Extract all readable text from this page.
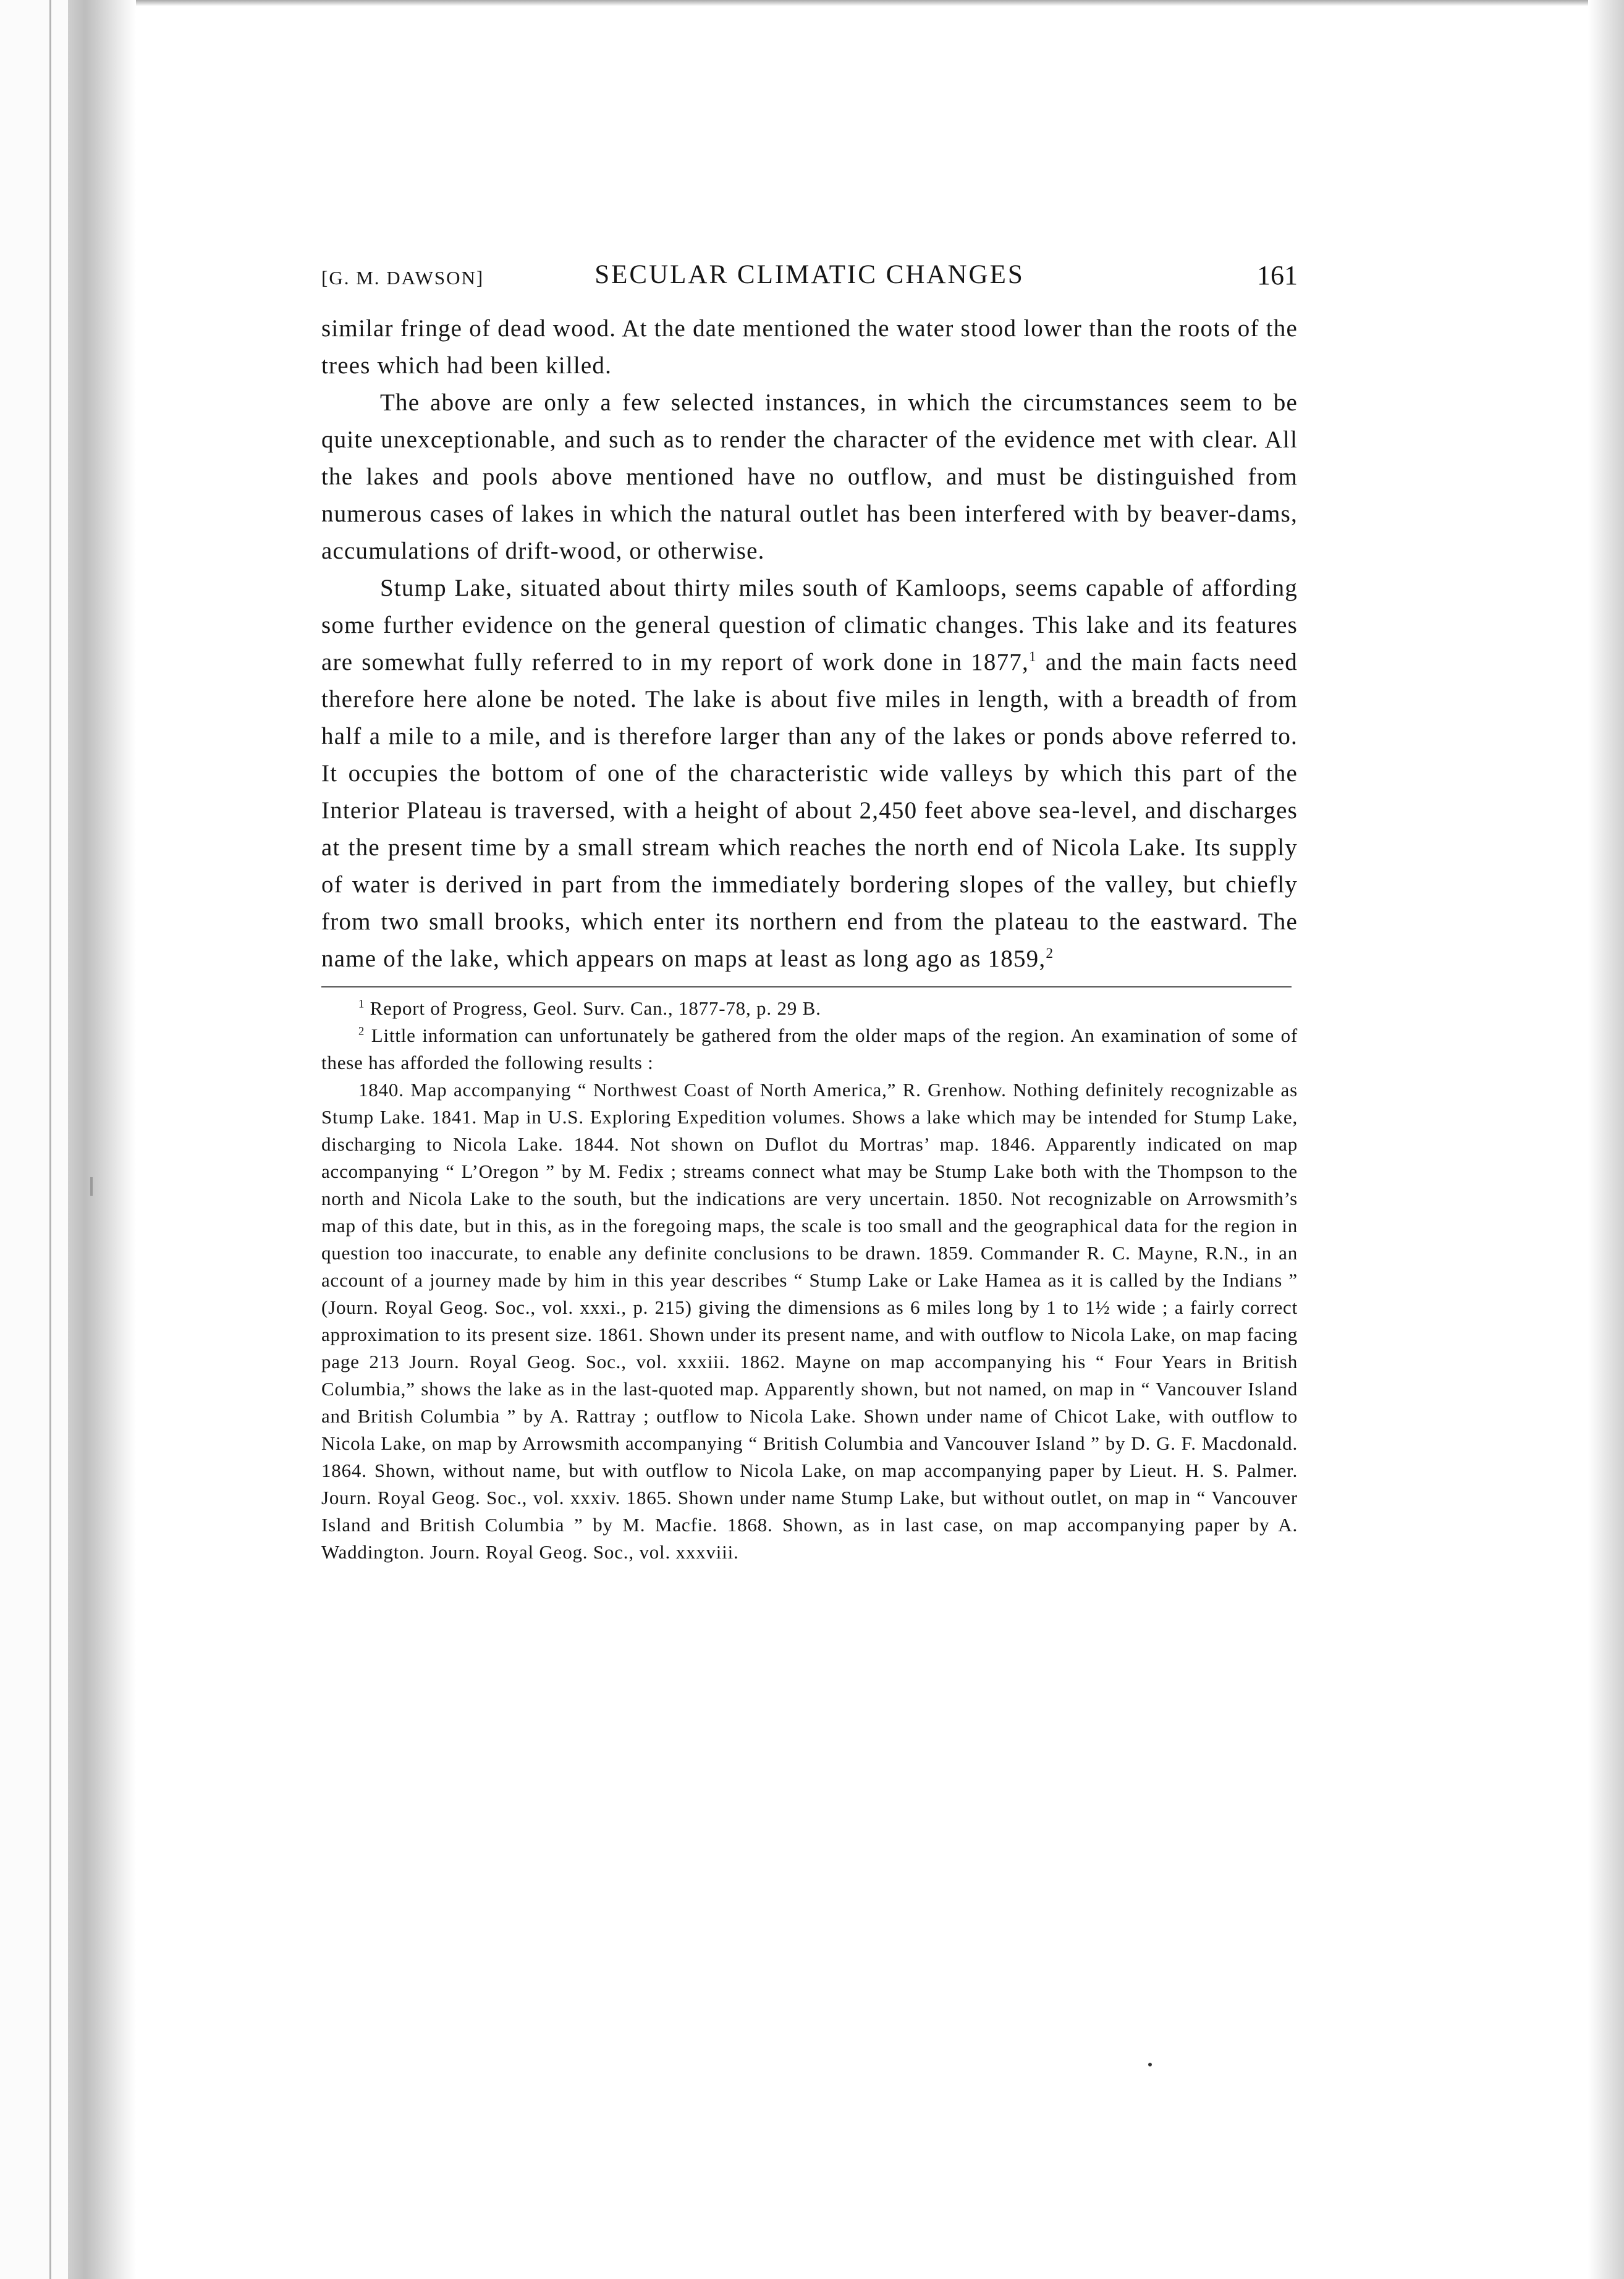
[G. M. DAWSON]	SECULAR CLIMATIC CHANGES	161

similar fringe of dead wood. At the date mentioned the water stood lower than the roots of the trees which had been killed.

The above are only a few selected instances, in which the circumstances seem to be quite unexceptionable, and such as to render the character of the evidence met with clear. All the lakes and pools above mentioned have no outflow, and must be distinguished from numerous cases of lakes in which the natural outlet has been interfered with by beaver-dams, accumulations of drift-wood, or otherwise.

Stump Lake, situated about thirty miles south of Kamloops, seems capable of affording some further evidence on the general question of climatic changes. This lake and its features are somewhat fully referred to in my report of work done in 1877,$^1$ and the main facts need therefore here alone be noted. The lake is about five miles in length, with a breadth of from half a mile to a mile, and is therefore larger than any of the lakes or ponds above referred to. It occupies the bottom of one of the characteristic wide valleys by which this part of the Interior Plateau is traversed, with a height of about 2,450 feet above sea-level, and discharges at the present time by a small stream which reaches the north end of Nicola Lake. Its supply of water is derived in part from the immediately bordering slopes of the valley, but chiefly from two small brooks, which enter its northern end from the plateau to the eastward. The name of the lake, which appears on maps at least as long ago as 1859,$^2$

$^1$ Report of Progress, Geol. Surv. Can., 1877-78, p. 29 B.

$^2$ Little information can unfortunately be gathered from the older maps of the region. An examination of some of these has afforded the following results :

1840. Map accompanying “ Northwest Coast of North America,” R. Grenhow. Nothing definitely recognizable as Stump Lake. 1841. Map in U.S. Exploring Expedition volumes. Shows a lake which may be intended for Stump Lake, discharging to Nicola Lake. 1844. Not shown on Duflot du Mortras’ map. 1846. Apparently indicated on map accompanying “ L’Oregon ” by M. Fedix ; streams connect what may be Stump Lake both with the Thompson to the north and Nicola Lake to the south, but the indications are very uncertain. 1850. Not recognizable on Arrowsmith’s map of this date, but in this, as in the foregoing maps, the scale is too small and the geographical data for the region in question too inaccurate, to enable any definite conclusions to be drawn. 1859. Commander R. C. Mayne, R.N., in an account of a journey made by him in this year describes “ Stump Lake or Lake Hamea as it is called by the Indians ” (Journ. Royal Geog. Soc., vol. xxxi., p. 215) giving the dimensions as 6 miles long by 1 to 1½ wide ; a fairly correct approximation to its present size. 1861. Shown under its present name, and with outflow to Nicola Lake, on map facing page 213 Journ. Royal Geog. Soc., vol. xxxiii. 1862. Mayne on map accompanying his “ Four Years in British Columbia,” shows the lake as in the last-quoted map. Apparently shown, but not named, on map in “ Vancouver Island and British Columbia ” by A. Rattray ; outflow to Nicola Lake. Shown under name of Chicot Lake, with outflow to Nicola Lake, on map by Arrowsmith accompanying “ British Columbia and Vancouver Island ” by D. G. F. Macdonald. 1864. Shown, without name, but with outflow to Nicola Lake, on map accompanying paper by Lieut. H. S. Palmer. Journ. Royal Geog. Soc., vol. xxxiv. 1865. Shown under name Stump Lake, but without outlet, on map in “ Vancouver Island and British Columbia ” by M. Macfie. 1868. Shown, as in last case, on map accompanying paper by A. Waddington. Journ. Royal Geog. Soc., vol. xxxviii.
